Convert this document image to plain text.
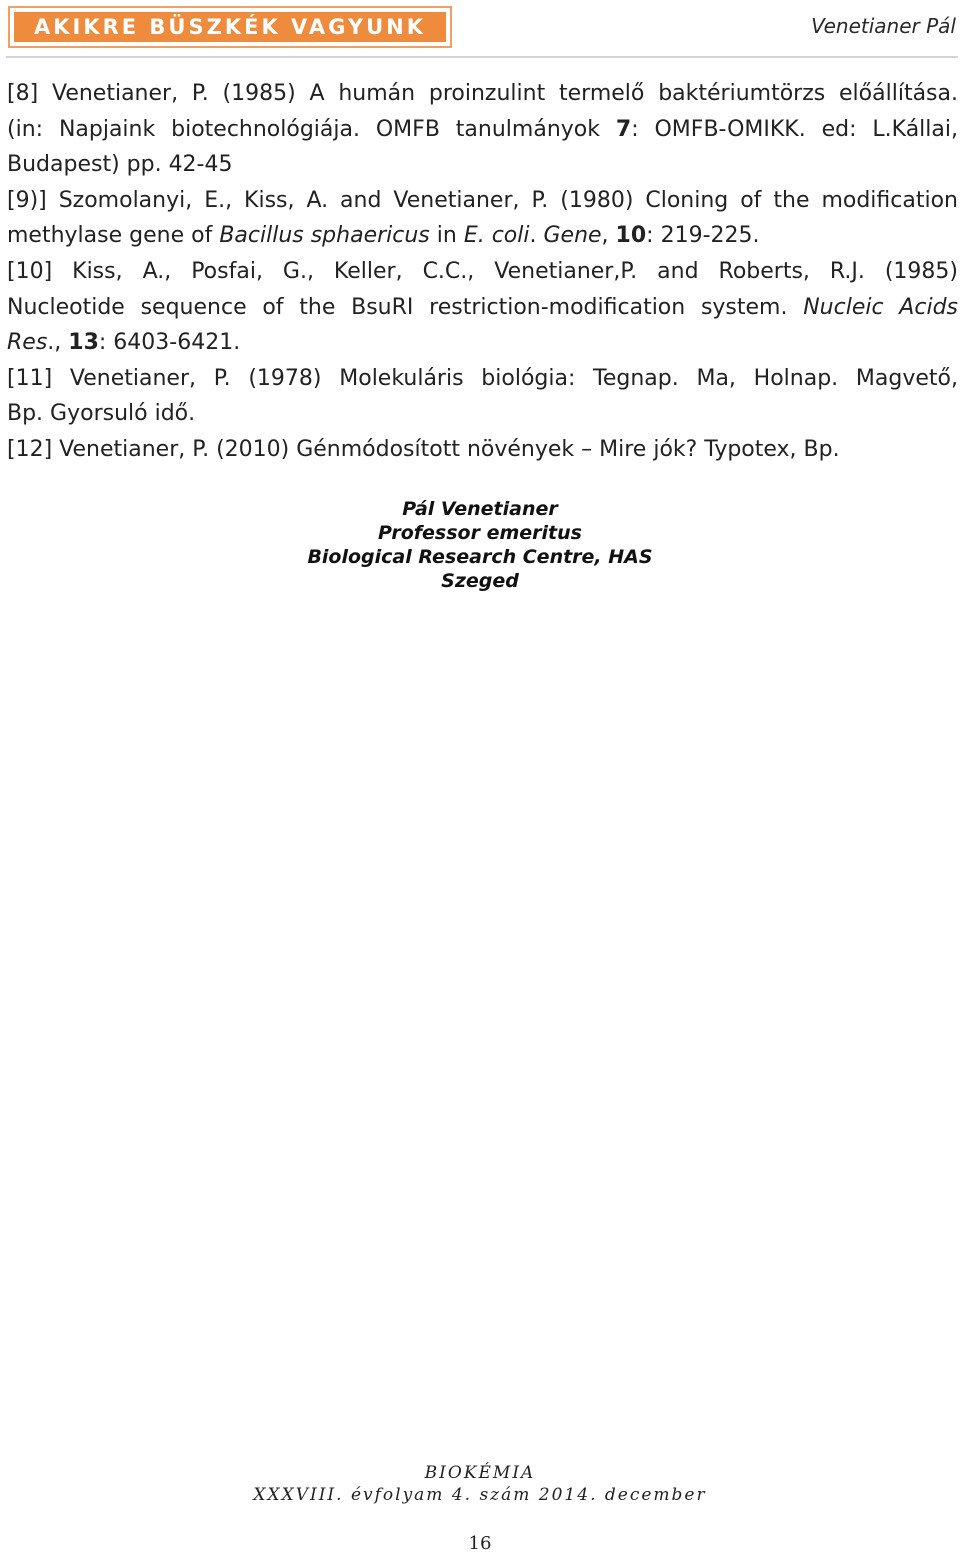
AKIKRE BÜSZKÉK VAGYUNK	Venetianer Pál
[8] Venetianer, P. (1985) A humán proinzulint termelő baktériumtörzs előállítása.
(in: Napjaink biotechnológiája. OMFB tanulmányok 7: OMFB-OMIKK. ed: L.Kállai,
Budapest) pp. 42-45
[9)] Szomolanyi, E., Kiss, A. and Venetianer, P. (1980) Cloning of the modification
methylase gene of Bacillus sphaericus in E. coli. Gene, 10: 219-225.
[10] Kiss, A., Posfai, G., Keller, C.C., Venetianer,P. and Roberts, R.J. (1985)
Nucleotide sequence of the BsuRI restriction-modification system. Nucleic Acids
Res., 13: 6403-6421.
[11] Venetianer, P. (1978) Molekuláris biológia: Tegnap. Ma, Holnap. Magvető,
Bp. Gyorsuló idő.
[12] Venetianer, P. (2010) Génmódosított növények – Mire jók? Typotex, Bp.
Pál Venetianer
Professor emeritus
Biological Research Centre, HAS
Szeged
BIOKÉMIA
XXXVIII. évfolyam 4. szám 2014. december
16
